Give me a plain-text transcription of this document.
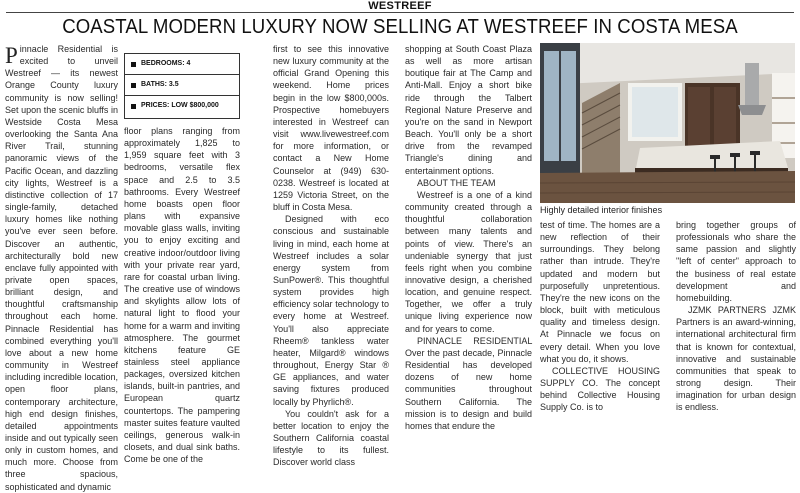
WESTREEF
COASTAL MODERN LUXURY NOW SELLING AT WESTREEF IN COSTA MESA

Pinnacle Residential is excited to unveil Westreef — its newest Orange County luxury community is now selling! Set upon the scenic bluffs in Westside Costa Mesa overlooking the Santa Ana River Trail, stunning panoramic views of the Pacific Ocean, and dazzling city lights, Westreef is a distinctive collection of 17 single-family, detached luxury homes like nothing you've ever seen before. Discover an authentic, architecturally bold new enclave fully appointed with private open spaces, brilliant design, and thoughtful craftsmanship throughout each home. Pinnacle Residential has combined everything you'll love about a new home community in Westreef including incredible location, open floor plans, contemporary architecture, high end design finishes, detailed appointments inside and out typically seen only in custom homes, and much more. Choose from three spacious, sophisticated and dynamic

BEDROOMS: 4
BATHS: 3.5
PRICES: LOW $800,000

floor plans ranging from approximately 1,825 to 1,959 square feet with 3 bedrooms, versatile flex space and 2.5 to 3.5 bathrooms. Every Westreef home boasts open floor plans with expansive movable glass walls, inviting you to enjoy exciting and creative indoor/outdoor living with your private rear yard, rare for coastal urban living. The creative use of windows and skylights allow lots of natural light to flood your home for a warm and inviting atmosphere. The gourmet kitchens feature GE stainless steel appliance packages, oversized kitchen islands, built-in pantries, and European quartz countertops. The pampering master suites feature vaulted ceilings, generous walk-in closets, and dual sink baths. Come be one of the

first to see this innovative new luxury community at the official Grand Opening this weekend. Home prices begin in the low $800,000s. Prospective homebuyers interested in Westreef can visit www.livewestreef.com for more information, or contact a New Home Counselor at (949) 630-0238. Westreef is located at 1259 Victoria Street, on the bluff in Costa Mesa.

Designed with eco conscious and sustainable living in mind, each home at Westreef includes a solar energy system from SunPower®. This thoughtful system provides high efficiency solar technology to every home at Westreef. You'll also appreciate Rheem® tankless water heater, Milgard® windows throughout, Energy Star ® GE appliances, and water saving fixtures produced locally by Phyrlich®.

You couldn't ask for a better location to enjoy the Southern California coastal lifestyle to its fullest. Discover world class

shopping at South Coast Plaza as well as more artisan boutique fair at The Camp and Anti-Mall. Enjoy a short bike ride through the Talbert Regional Nature Preserve and you're on the sand in Newport Beach. You'll only be a short drive from the revamped Triangle's dining and entertainment options.

ABOUT THE TEAM

Westreef is a one of a kind community created through a thoughtful collaboration between many talents and points of view. There's an undeniable synergy that just feels right when you combine innovative design, a cherished location, and genuine respect. Together, we offer a truly unique living experience now and for years to come.

PINNACLE RESIDENTIAL Over the past decade, Pinnacle Residential has developed dozens of new home communities throughout Southern California. The mission is to design and build homes that endure the

Highly detailed interior finishes

test of time. The homes are a new reflection of their surroundings. They belong rather than intrude. They're updated and modern but purposefully unpretentious. They're the new icons on the block, built with meticulous quality and timeless design. At Pinnacle we focus on every detail. When you love what you do, it shows.

COLLECTIVE HOUSING SUPPLY CO. The concept behind Collective Housing Supply Co. is to

bring together groups of professionals who share the same passion and slightly "left of center" approach to the business of real estate development and homebuilding.

JZMK PARTNERS JZMK Partners is an award-winning, international architectural firm that is known for contextual, innovative and sustainable communities that speak to strong design. Their imagination for urban design is endless.
